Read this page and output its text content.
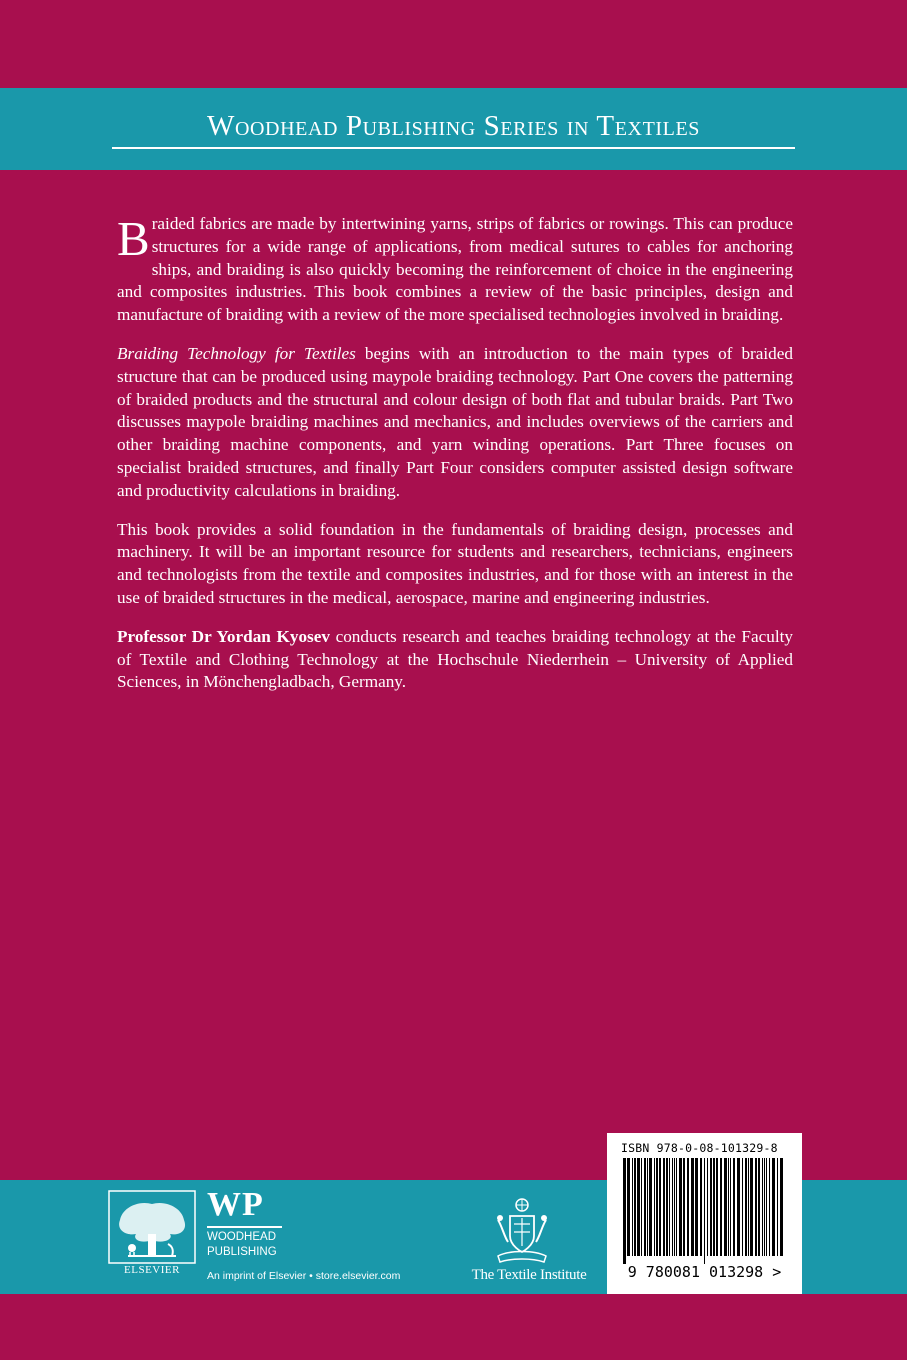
Woodhead Publishing Series in Textiles

Braided fabrics are made by intertwining yarns, strips of fabrics or rowings. This can produce structures for a wide range of applications, from medical sutures to cables for anchoring ships, and braiding is also quickly becoming the reinforcement of choice in the engineering and composites industries. This book combines a review of the basic principles, design and manufacture of braiding with a review of the more specialised technologies involved in braiding.

Braiding Technology for Textiles begins with an introduction to the main types of braided structure that can be produced using maypole braiding technology. Part One covers the patterning of braided products and the structural and colour design of both flat and tubular braids. Part Two discusses maypole braiding machines and mechanics, and includes overviews of the carriers and other braiding machine components, and yarn winding operations. Part Three focuses on specialist braided structures, and finally Part Four considers computer assisted design software and productivity calculations in braiding.

This book provides a solid foundation in the fundamentals of braiding design, processes and machinery. It will be an important resource for students and researchers, technicians, engineers and technologists from the textile and composites industries, and for those with an interest in the use of braided structures in the medical, aerospace, marine and engineering industries.

Professor Dr Yordan Kyosev conducts research and teaches braiding technology at the Faculty of Textile and Clothing Technology at the Hochschule Niederrhein – University of Applied Sciences, in Mönchengladbach, Germany.

ELSEVIER
WP
WOODHEAD
PUBLISHING
An imprint of Elsevier • store.elsevier.com	The Textile Institute
ISBN 978-0-08-101329-8
9 780081 013298 >
